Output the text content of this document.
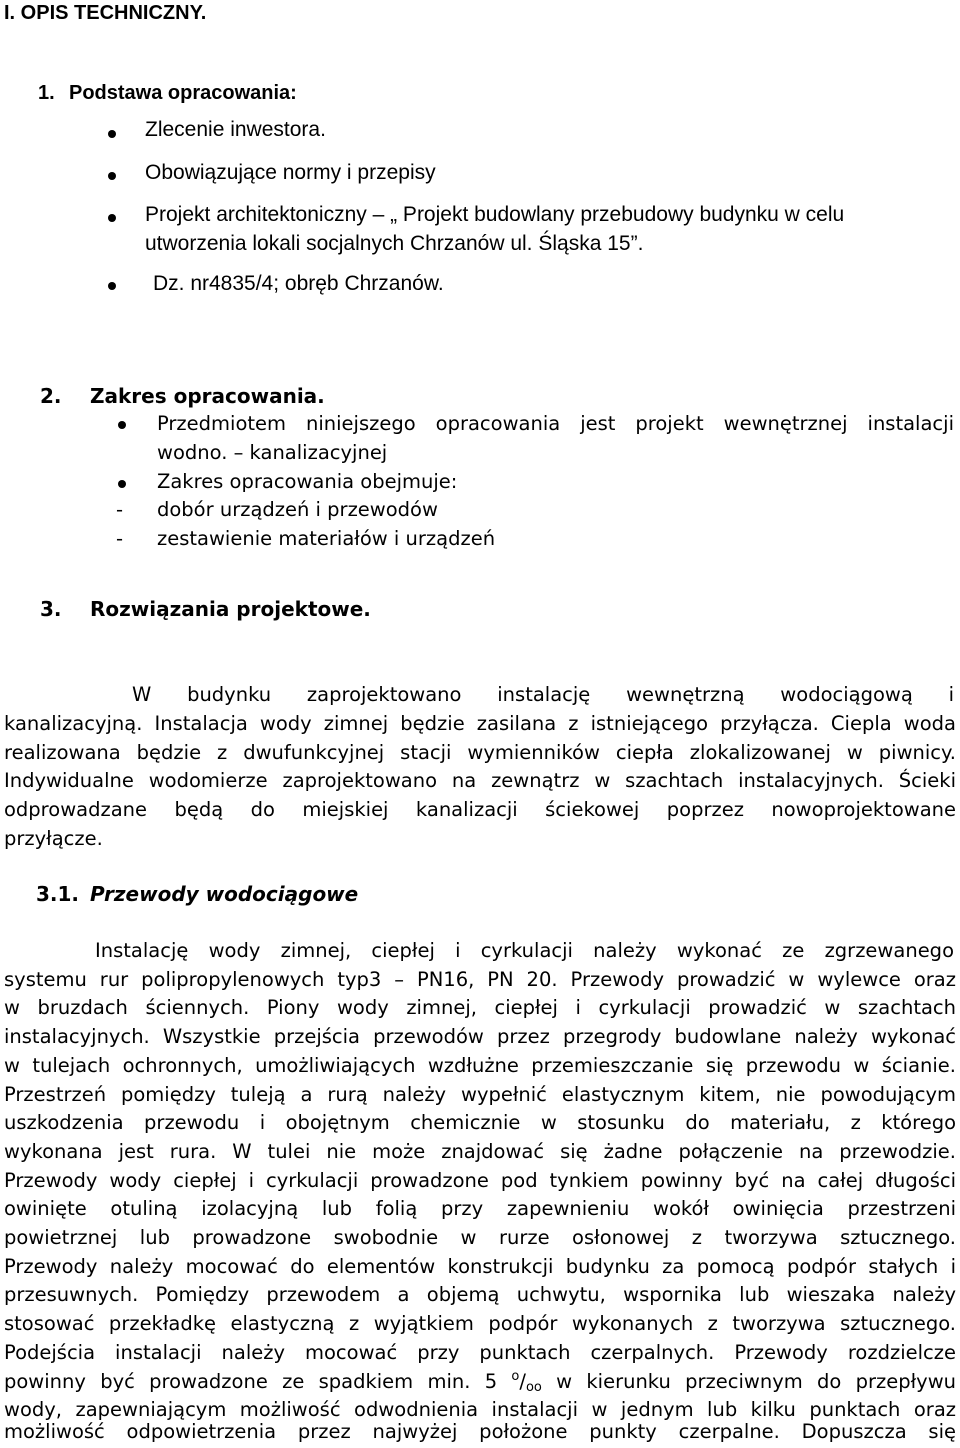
I. OPIS TECHNICZNY.
1. Podstawa opracowania:
Zlecenie inwestora.
Obowiązujące normy i przepisy
Projekt architektoniczny – „ Projekt budowlany przebudowy budynku w celu
utworzenia lokali socjalnych Chrzanów ul. Śląska 15”.
Dz. nr4835/4; obręb Chrzanów.
2. Zakres opracowania.
Przedmiotem niniejszego opracowania jest projekt wewnętrznej instalacji
wodno. – kanalizacyjnej
Zakres opracowania obejmuje:
- dobór urządzeń i przewodów
- zestawienie materiałów i urządzeń
3. Rozwiązania projektowe.
W budynku zaprojektowano instalację wewnętrzną wodociągową i
kanalizacyjną. Instalacja wody zimnej będzie zasilana z istniejącego przyłącza. Ciepla woda
realizowana będzie z dwufunkcyjnej stacji wymienników ciepła zlokalizowanej w piwnicy.
Indywidualne wodomierze zaprojektowano na zewnątrz w szachtach instalacyjnych. Ścieki
odprowadzane będą do miejskiej kanalizacji ściekowej poprzez nowoprojektowane
przyłącze.
3.1. Przewody wodociągowe
Instalację wody zimnej, ciepłej i cyrkulacji należy wykonać ze zgrzewanego
systemu rur polipropylenowych typ3 – PN16, PN 20. Przewody prowadzić w wylewce oraz
w bruzdach ściennych. Piony wody zimnej, ciepłej i cyrkulacji prowadzić w szachtach
instalacyjnych. Wszystkie przejścia przewodów przez przegrody budowlane należy wykonać
w tulejach ochronnych, umożliwiających wzdłużne przemieszczanie się przewodu w ścianie.
Przestrzeń pomiędzy tuleją a rurą należy wypełnić elastycznym kitem, nie powodującym
uszkodzenia przewodu i obojętnym chemicznie w stosunku do materiału, z którego
wykonana jest rura. W tulei nie może znajdować się żadne połączenie na przewodzie.
Przewody wody ciepłej i cyrkulacji prowadzone pod tynkiem powinny być na całej długości
owinięte otuliną izolacyjną lub folią przy zapewnieniu wokół owinięcia przestrzeni
powietrznej lub prowadzone swobodnie w rurze osłonowej z tworzywa sztucznego.
Przewody należy mocować do elementów konstrukcji budynku za pomocą podpór stałych i
przesuwnych. Pomiędzy przewodem a objemą uchwytu, wspornika lub wieszaka należy
stosować przekładkę elastyczną z wyjątkiem podpór wykonanych z tworzywa sztucznego.
Podejścia instalacji należy mocować przy punktach czerpalnych. Przewody rozdzielcze
powinny być prowadzone ze spadkiem min. 5 $^o/_{oo}$ w kierunku przeciwnym do przepływu
wody, zapewniającym możliwość odwodnienia instalacji w jednym lub kilku punktach oraz
możliwość odpowietrzenia przez najwyżej położone punkty czerpalne. Dopuszcza się
